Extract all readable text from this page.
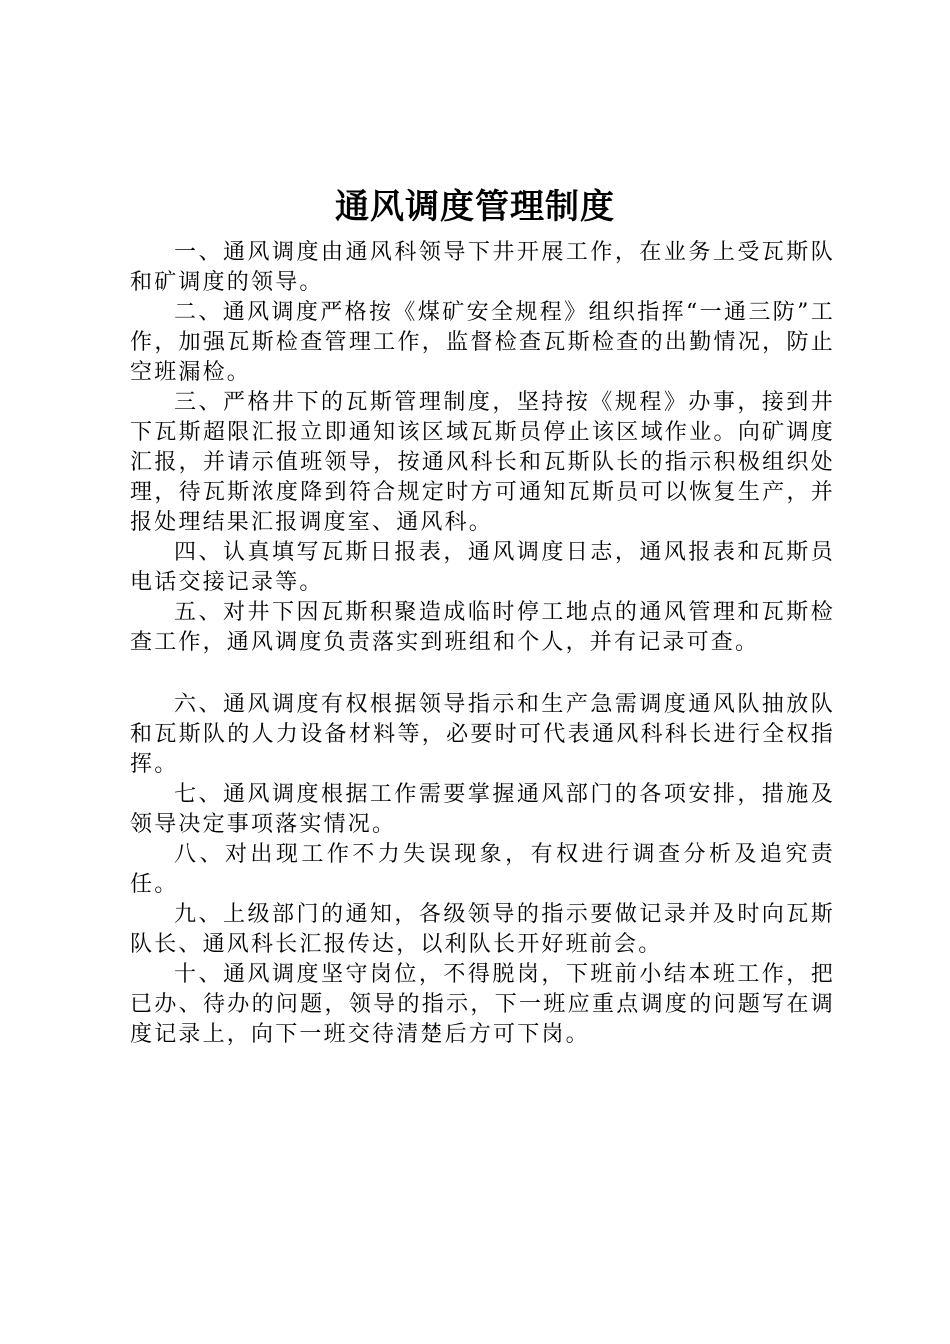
通风调度管理制度

一、通风调度由通风科领导下井开展工作，在业务上受瓦斯队和矿调度的领导。

二、通风调度严格按《煤矿安全规程》组织指挥“一通三防”工作，加强瓦斯检查管理工作，监督检查瓦斯检查的出勤情况，防止空班漏检。

三、严格井下的瓦斯管理制度，坚持按《规程》办事，接到井下瓦斯超限汇报立即通知该区域瓦斯员停止该区域作业。向矿调度汇报，并请示值班领导，按通风科长和瓦斯队长的指示积极组织处理，待瓦斯浓度降到符合规定时方可通知瓦斯员可以恢复生产，并报处理结果汇报调度室、通风科。

四、认真填写瓦斯日报表，通风调度日志，通风报表和瓦斯员电话交接记录等。

五、对井下因瓦斯积聚造成临时停工地点的通风管理和瓦斯检查工作，通风调度负责落实到班组和个人，并有记录可查。

六、通风调度有权根据领导指示和生产急需调度通风队抽放队和瓦斯队的人力设备材料等，必要时可代表通风科科长进行全权指挥。

七、通风调度根据工作需要掌握通风部门的各项安排，措施及领导决定事项落实情况。

八、对出现工作不力失误现象，有权进行调查分析及追究责任。

九、上级部门的通知，各级领导的指示要做记录并及时向瓦斯队长、通风科长汇报传达，以利队长开好班前会。

十、通风调度坚守岗位，不得脱岗，下班前小结本班工作，把已办、待办的问题，领导的指示，下一班应重点调度的问题写在调度记录上，向下一班交待清楚后方可下岗。
